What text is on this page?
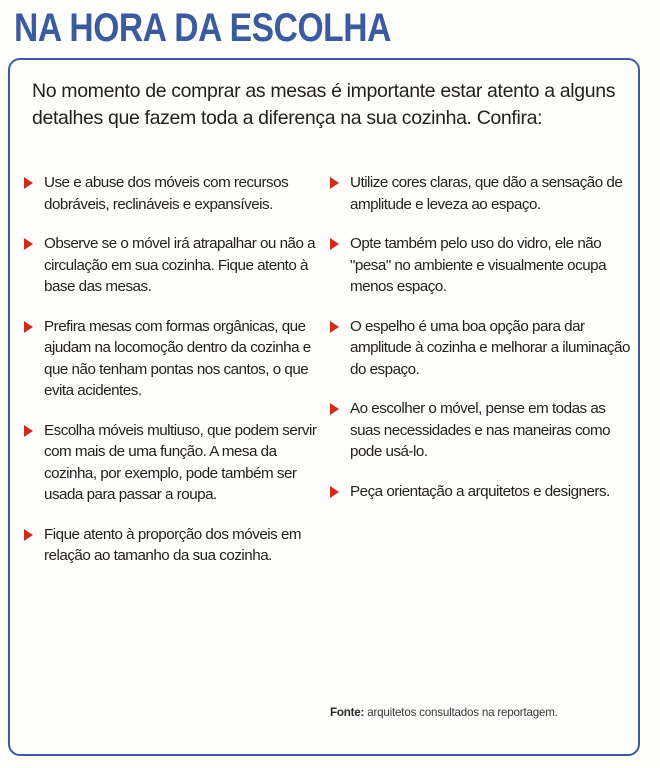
NA HORA DA ESCOLHA
No momento de comprar as mesas é importante estar atento a alguns detalhes que fazem toda a diferença na sua cozinha. Confira:
Use e abuse dos móveis com recursos dobráveis, reclináveis e expansíveis.
Observe se o móvel irá atrapalhar ou não a circulação em sua cozinha. Fique atento à base das mesas.
Prefira mesas com formas orgânicas, que ajudam na locomoção dentro da cozinha e que não tenham pontas nos cantos, o que evita acidentes.
Escolha móveis multiuso, que podem servir com mais de uma função. A mesa da cozinha, por exemplo, pode também ser usada para passar a roupa.
Fique atento à proporção dos móveis em relação ao tamanho da sua cozinha.
Utilize cores claras, que dão a sensação de amplitude e leveza ao espaço.
Opte também pelo uso do vidro, ele não "pesa" no ambiente e visualmente ocupa menos espaço.
O espelho é uma boa opção para dar amplitude à cozinha e melhorar a iluminação do espaço.
Ao escolher o móvel, pense em todas as suas necessidades e nas maneiras como pode usá-lo.
Peça orientação a arquitetos e designers.
Fonte: arquitetos consultados na reportagem.
